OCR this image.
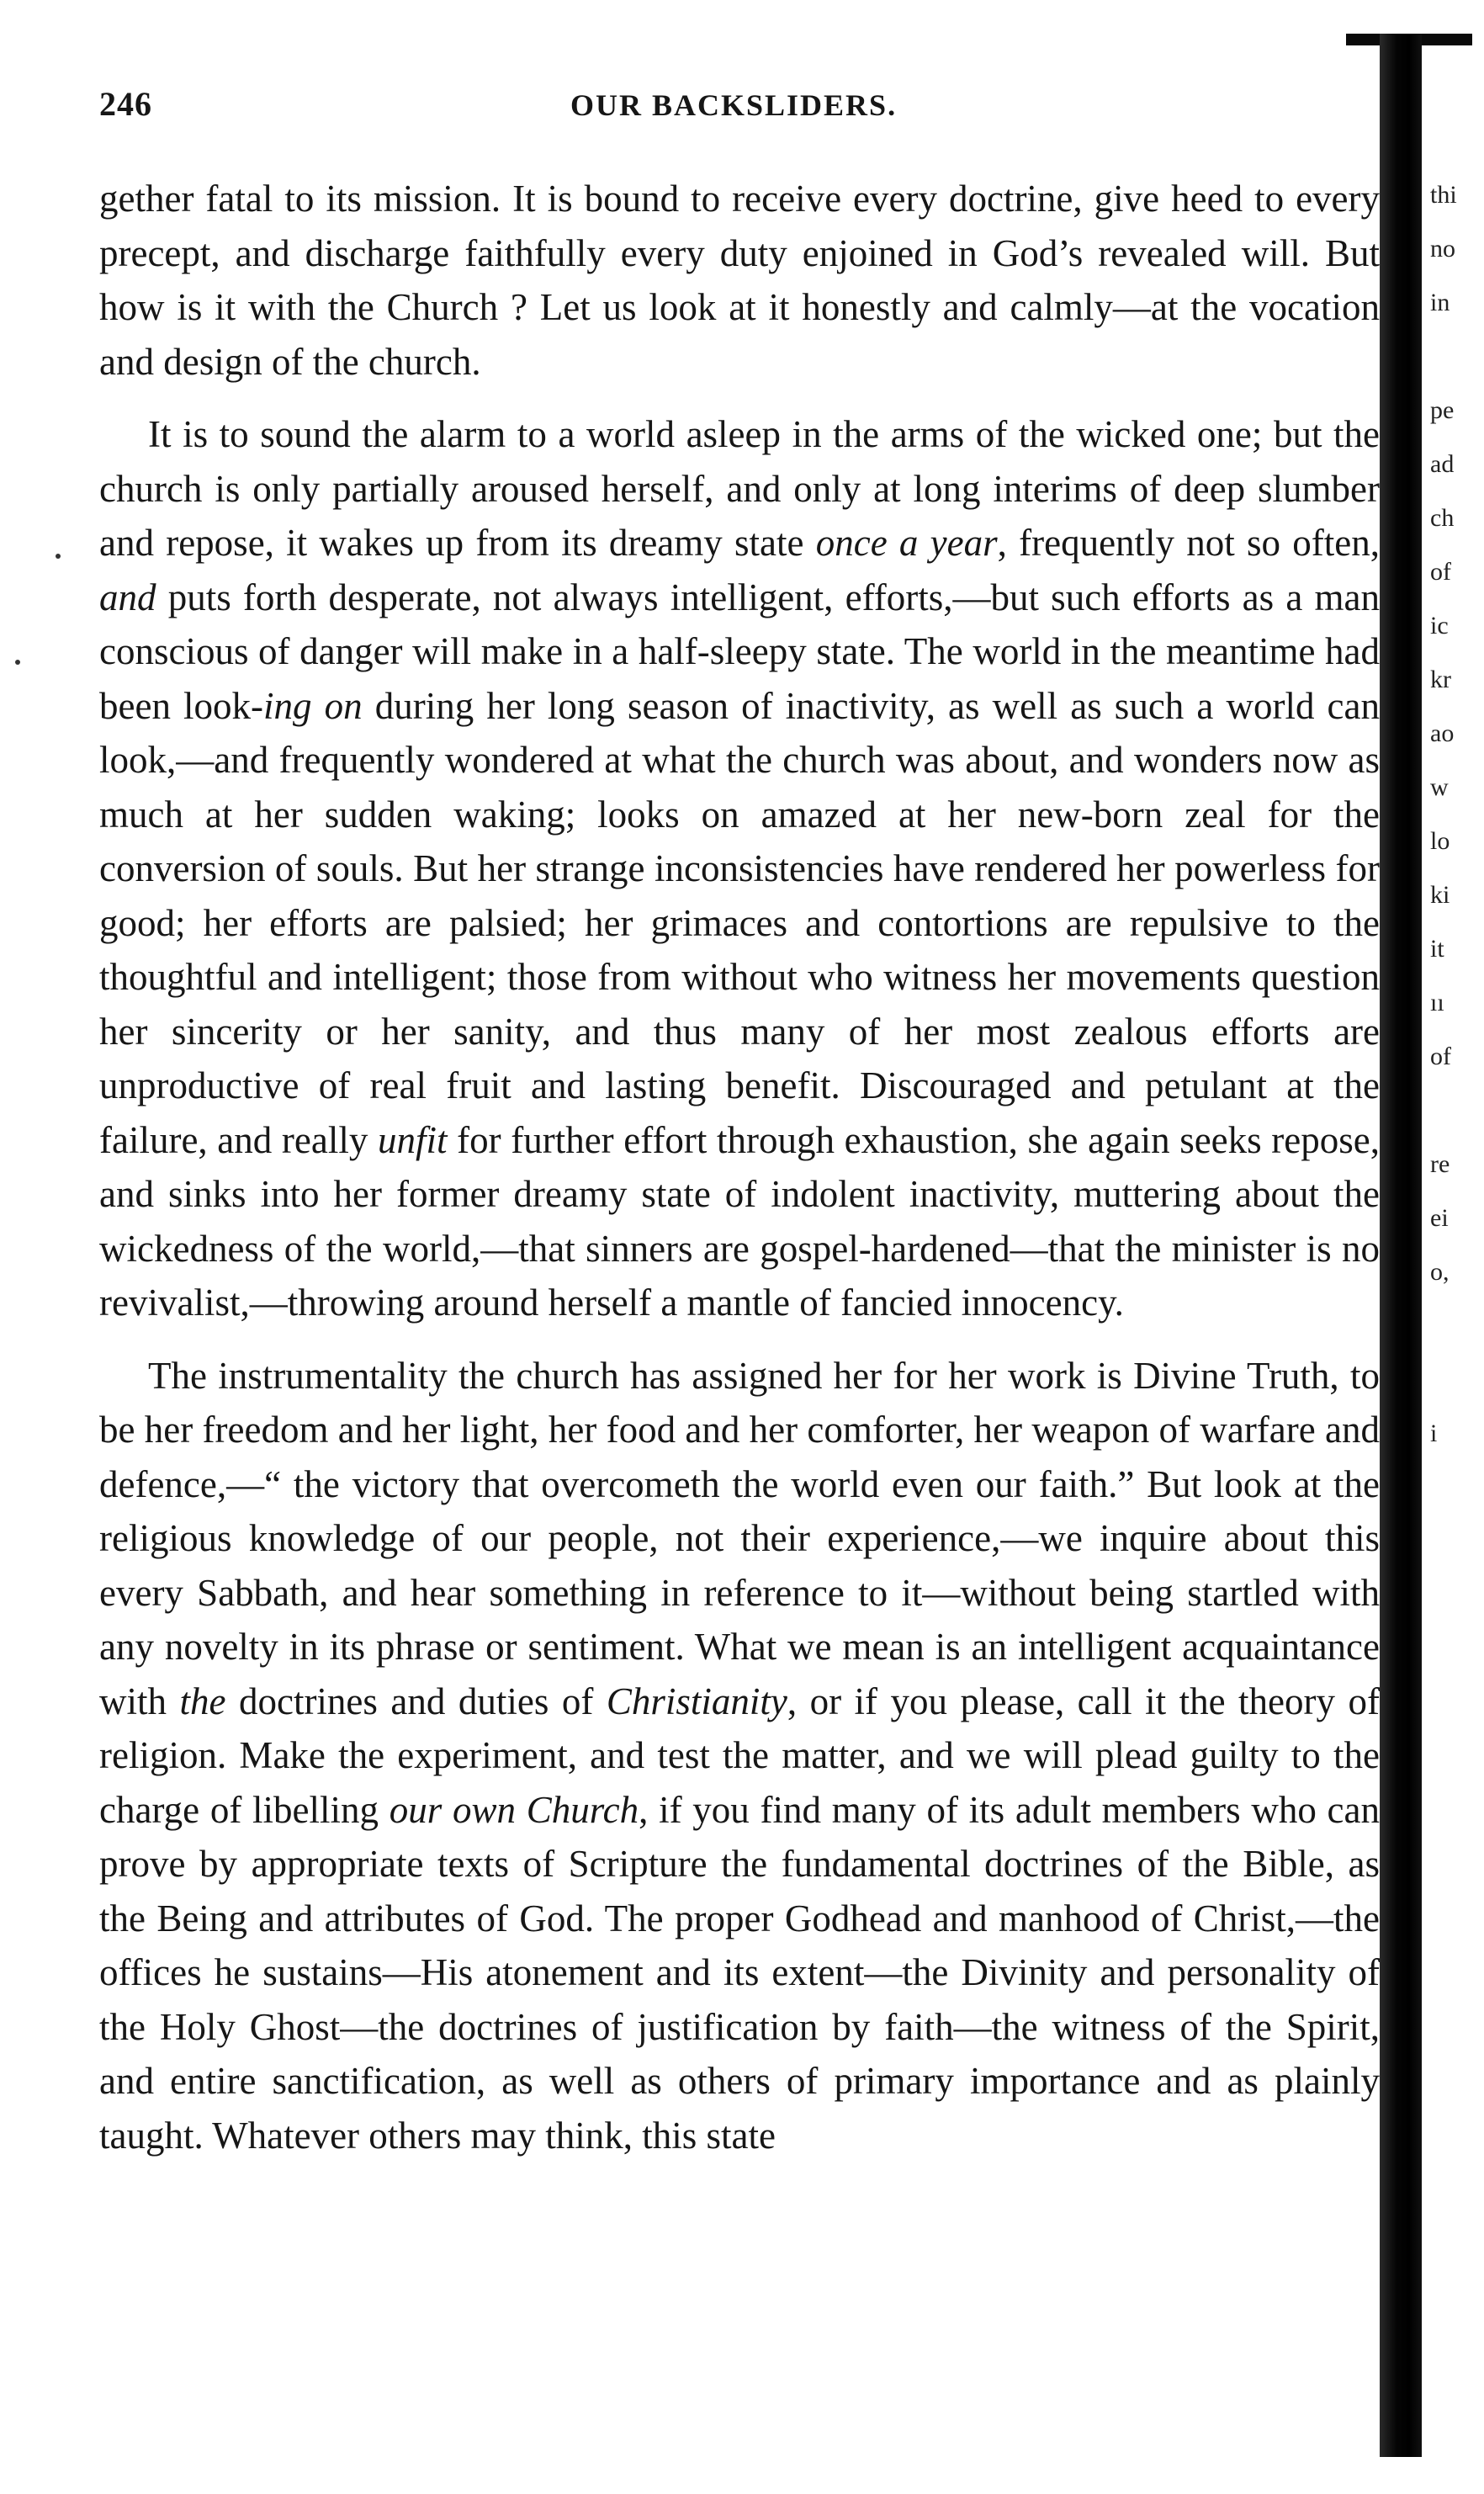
246	OUR BACKSLIDERS.

gether fatal to its mission. It is bound to receive every doctrine, give heed to every precept, and discharge faithfully every duty enjoined in God’s revealed will. But how is it with the Church ? Let us look at it honestly and calmly—at the vocation and design of the church.

It is to sound the alarm to a world asleep in the arms of the wicked one; but the church is only partially aroused herself, and only at long interims of deep slumber and repose, it wakes up from its dreamy state once a year, frequently not so often, and puts forth desperate, not always intelligent, efforts,—but such efforts as a man conscious of danger will make in a half-sleepy state. The world in the meantime had been look-ing on during her long season of inactivity, as well as such a world can look,—and frequently wondered at what the church was about, and wonders now as much at her sudden waking; looks on amazed at her new-born zeal for the conversion of souls. But her strange inconsistencies have rendered her powerless for good; her efforts are palsied; her grimaces and contortions are repulsive to the thoughtful and intelligent; those from without who witness her movements question her sincerity or her sanity, and thus many of her most zealous efforts are unproductive of real fruit and lasting benefit. Discouraged and petulant at the failure, and really unfit for further effort through exhaustion, she again seeks repose, and sinks into her former dreamy state of indolent inactivity, muttering about the wickedness of the world,—that sinners are gospel-hardened—that the minister is no revivalist,—throwing around herself a mantle of fancied innocency.

The instrumentality the church has assigned her for her work is Divine Truth, to be her freedom and her light, her food and her comforter, her weapon of warfare and defence,—“ the victory that overcometh the world even our faith.” But look at the religious knowledge of our people, not their experience,—we inquire about this every Sabbath, and hear something in reference to it—without being startled with any novelty in its phrase or sentiment. What we mean is an intelligent acquaintance with the doctrines and duties of Christianity, or if you please, call it the theory of religion. Make the experiment, and test the matter, and we will plead guilty to the charge of libelling our own Church, if you find many of its adult members who can prove by appropriate texts of Scripture the fundamental doctrines of the Bible, as the Being and attributes of God. The proper Godhead and manhood of Christ,—the offices he sustains—His atonement and its extent—the Divinity and personality of the Holy Ghost—the doctrines of justification by faith—the witness of the Spirit, and entire sanctification, as well as others of primary importance and as plainly taught. Whatever others may think, this state

thi
no
in
pe
ad
ch
of
ic
kr
ao
w
lo
ki
it
ıı
of
re
ei
o,
i
